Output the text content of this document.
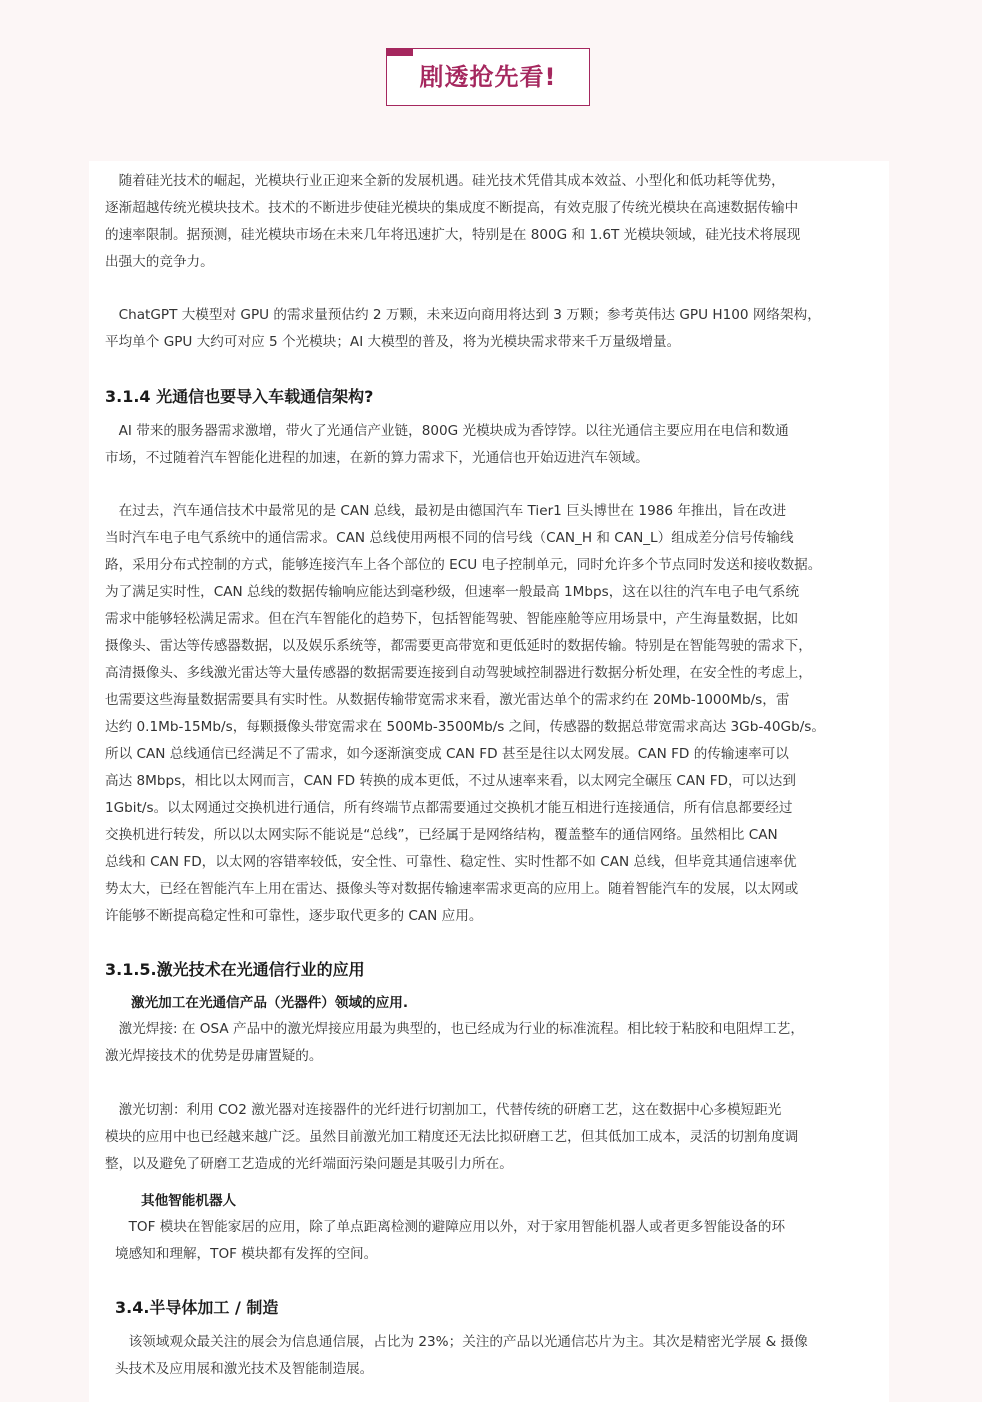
剧透抢先看!
　随着硅光技术的崛起，光模块行业正迎来全新的发展机遇。硅光技术凭借其成本效益、小型化和低功耗等优势，
逐渐超越传统光模块技术。技术的不断进步使硅光模块的集成度不断提高，有效克服了传统光模块在高速数据传输中
的速率限制。据预测，硅光模块市场在未来几年将迅速扩大，特别是在 800G 和 1.6T 光模块领域，硅光技术将展现
出强大的竞争力。
　ChatGPT 大模型对 GPU 的需求量预估约 2 万颗，未来迈向商用将达到 3 万颗；参考英伟达 GPU H100 网络架构，
平均单个 GPU 大约可对应 5 个光模块；AI 大模型的普及，将为光模块需求带来千万量级增量。
3.1.4 光通信也要导入车载通信架构?
　AI 带来的服务器需求激增，带火了光通信产业链，800G 光模块成为香饽饽。以往光通信主要应用在电信和数通
市场，不过随着汽车智能化进程的加速，在新的算力需求下，光通信也开始迈进汽车领域。
　在过去，汽车通信技术中最常见的是 CAN 总线，最初是由德国汽车 Tier1 巨头博世在 1986 年推出，旨在改进
当时汽车电子电气系统中的通信需求。CAN 总线使用两根不同的信号线（CAN_H 和 CAN_L）组成差分信号传输线
路，采用分布式控制的方式，能够连接汽车上各个部位的 ECU 电子控制单元，同时允许多个节点同时发送和接收数据。
为了满足实时性，CAN 总线的数据传输响应能达到毫秒级，但速率一般最高 1Mbps，这在以往的汽车电子电气系统
需求中能够轻松满足需求。但在汽车智能化的趋势下，包括智能驾驶、智能座舱等应用场景中，产生海量数据，比如
摄像头、雷达等传感器数据，以及娱乐系统等，都需要更高带宽和更低延时的数据传输。特别是在智能驾驶的需求下，
高清摄像头、多线激光雷达等大量传感器的数据需要连接到自动驾驶域控制器进行数据分析处理，在安全性的考虑上，
也需要这些海量数据需要具有实时性。从数据传输带宽需求来看，激光雷达单个的需求约在 20Mb-1000Mb/s，雷
达约 0.1Mb-15Mb/s，每颗摄像头带宽需求在 500Mb-3500Mb/s 之间，传感器的数据总带宽需求高达 3Gb-40Gb/s。
所以 CAN 总线通信已经满足不了需求，如今逐渐演变成 CAN FD 甚至是往以太网发展。CAN FD 的传输速率可以
高达 8Mbps，相比以太网而言，CAN FD 转换的成本更低，不过从速率来看，以太网完全碾压 CAN FD，可以达到
1Gbit/s。以太网通过交换机进行通信，所有终端节点都需要通过交换机才能互相进行连接通信，所有信息都要经过
交换机进行转发，所以以太网实际不能说是“总线”，已经属于是网络结构，覆盖整车的通信网络。虽然相比 CAN
总线和 CAN FD，以太网的容错率较低，安全性、可靠性、稳定性、实时性都不如 CAN 总线，但毕竟其通信速率优
势太大，已经在智能汽车上用在雷达、摄像头等对数据传输速率需求更高的应用上。随着智能汽车的发展，以太网或
许能够不断提高稳定性和可靠性，逐步取代更多的 CAN 应用。
3.1.5.激光技术在光通信行业的应用
激光加工在光通信产品（光器件）领域的应用.
　激光焊接: 在 OSA 产品中的激光焊接应用最为典型的，也已经成为行业的标准流程。相比较于粘胶和电阻焊工艺，
激光焊接技术的优势是毋庸置疑的。
　激光切割：利用 CO2 激光器对连接器件的光纤进行切割加工，代替传统的研磨工艺，这在数据中心多模短距光
模块的应用中也已经越来越广泛。虽然目前激光加工精度还无法比拟研磨工艺，但其低加工成本，灵活的切割角度调
整，以及避免了研磨工艺造成的光纤端面污染问题是其吸引力所在。
其他智能机器人
　TOF 模块在智能家居的应用，除了单点距离检测的避障应用以外，对于家用智能机器人或者更多智能设备的环
境感知和理解，TOF 模块都有发挥的空间。
3.4.半导体加工 / 制造
　该领域观众最关注的展会为信息通信展，占比为 23%；关注的产品以光通信芯片为主。其次是精密光学展 & 摄像
头技术及应用展和激光技术及智能制造展。
